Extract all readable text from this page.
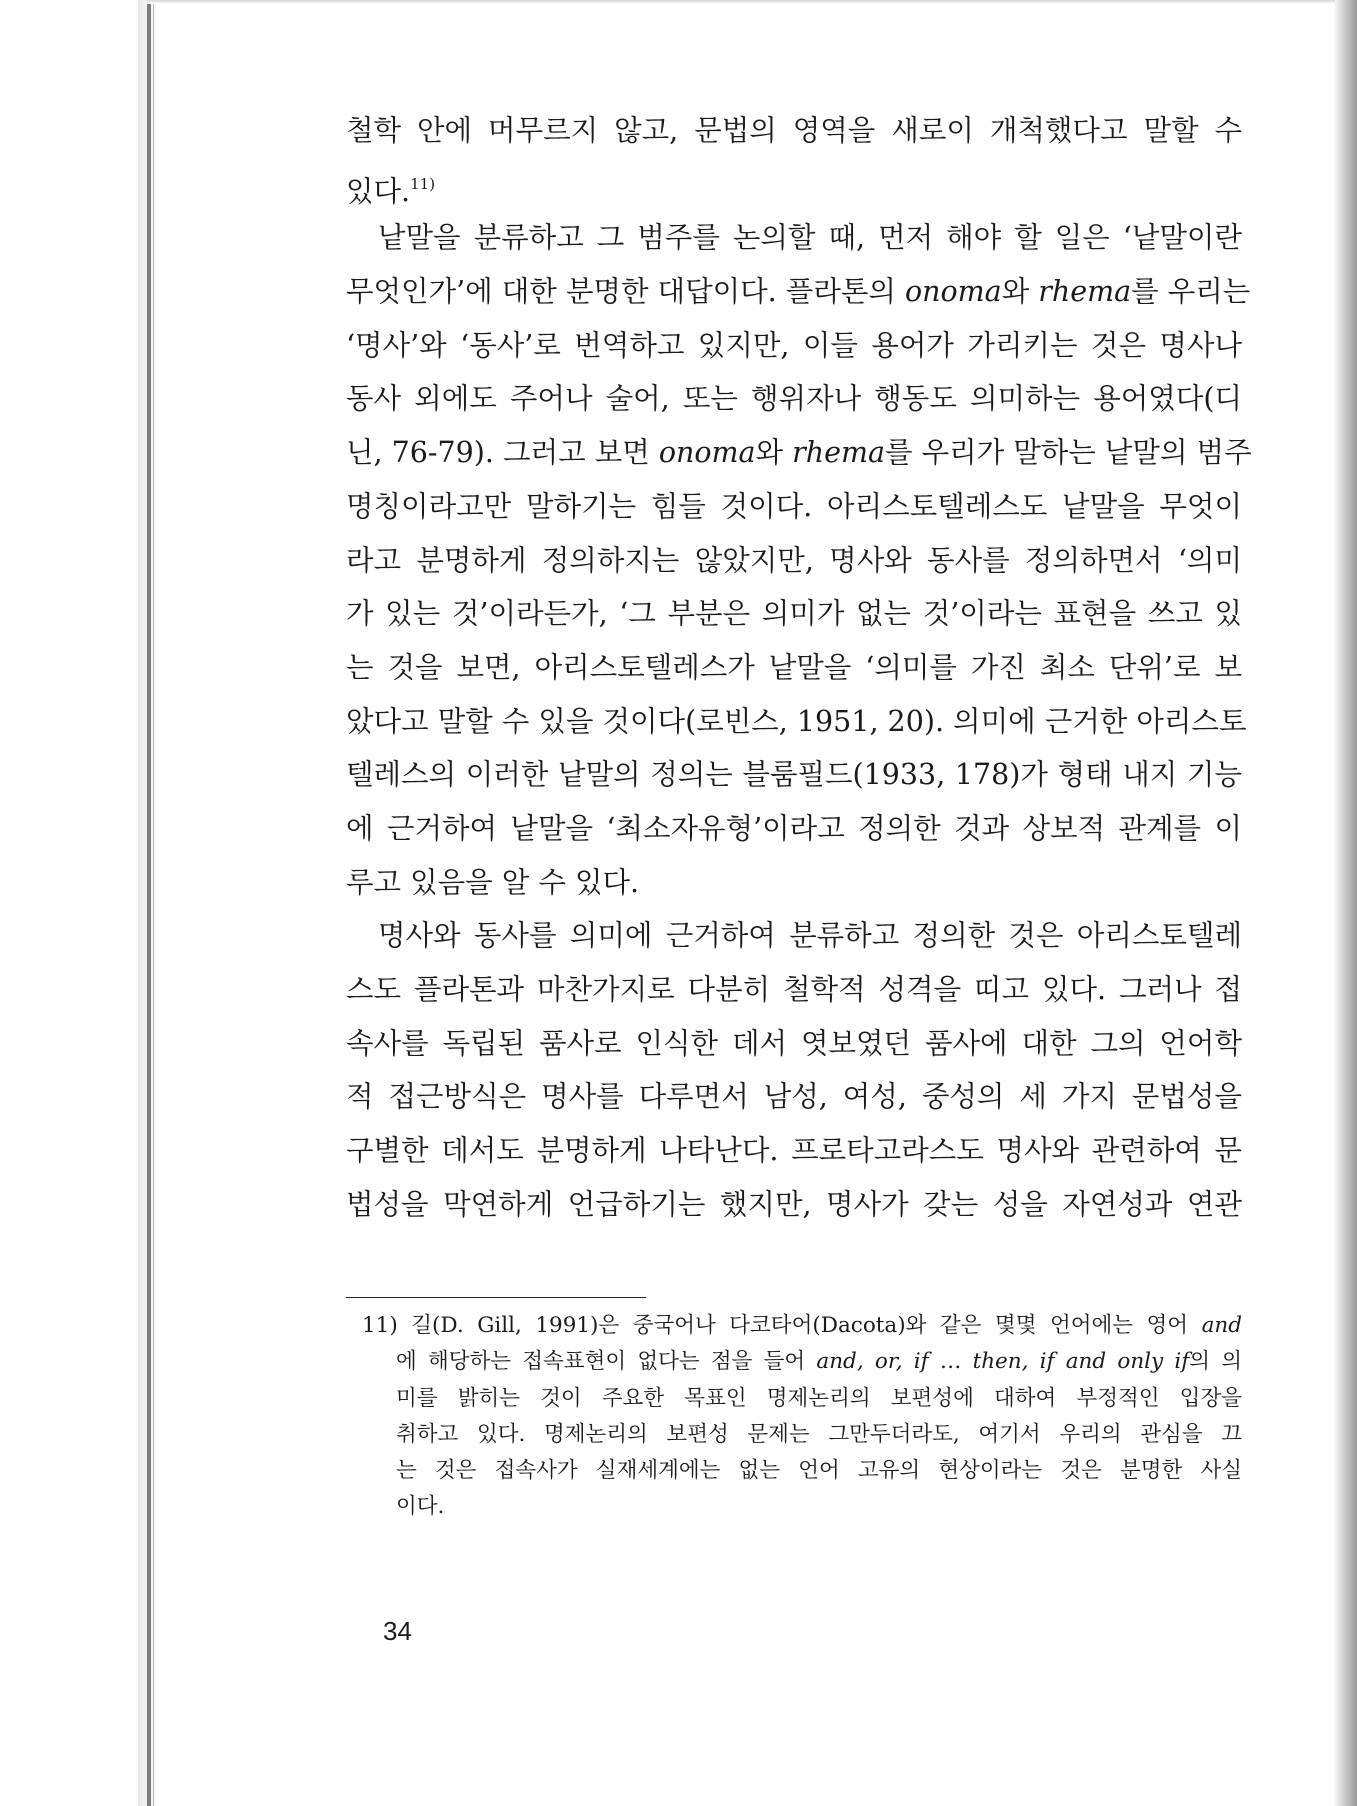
철학 안에 머무르지 않고, 문법의 영역을 새로이 개척했다고 말할 수
있다.$^{11)}$
낱말을 분류하고 그 범주를 논의할 때, 먼저 해야 할 일은 ‘낱말이란
무엇인가’에 대한 분명한 대답이다. 플라톤의 onoma와 rhema를 우리는
‘명사’와 ‘동사’로 번역하고 있지만, 이들 용어가 가리키는 것은 명사나
동사 외에도 주어나 술어, 또는 행위자나 행동도 의미하는 용어였다(디
닌, 76-79). 그러고 보면 onoma와 rhema를 우리가 말하는 낱말의 범주
명칭이라고만 말하기는 힘들 것이다. 아리스토텔레스도 낱말을 무엇이
라고 분명하게 정의하지는 않았지만, 명사와 동사를 정의하면서 ‘의미
가 있는 것’이라든가, ‘그 부분은 의미가 없는 것’이라는 표현을 쓰고 있
는 것을 보면, 아리스토텔레스가 낱말을 ‘의미를 가진 최소 단위’로 보
았다고 말할 수 있을 것이다(로빈스, 1951, 20). 의미에 근거한 아리스토
텔레스의 이러한 낱말의 정의는 블룸필드(1933, 178)가 형태 내지 기능
에 근거하여 낱말을 ‘최소자유형’이라고 정의한 것과 상보적 관계를 이
루고 있음을 알 수 있다.
명사와 동사를 의미에 근거하여 분류하고 정의한 것은 아리스토텔레
스도 플라톤과 마찬가지로 다분히 철학적 성격을 띠고 있다. 그러나 접
속사를 독립된 품사로 인식한 데서 엿보였던 품사에 대한 그의 언어학
적 접근방식은 명사를 다루면서 남성, 여성, 중성의 세 가지 문법성을
구별한 데서도 분명하게 나타난다. 프로타고라스도 명사와 관련하여 문
법성을 막연하게 언급하기는 했지만, 명사가 갖는 성을 자연성과 연관
11) 길(D. Gill, 1991)은 중국어나 다코타어(Dacota)와 같은 몇몇 언어에는 영어 and
에 해당하는 접속표현이 없다는 점을 들어 and, or, if … then, if and only if의 의
미를 밝히는 것이 주요한 목표인 명제논리의 보편성에 대하여 부정적인 입장을
취하고 있다. 명제논리의 보편성 문제는 그만두더라도, 여기서 우리의 관심을 끄
는 것은 접속사가 실재세계에는 없는 언어 고유의 현상이라는 것은 분명한 사실
이다.
34
